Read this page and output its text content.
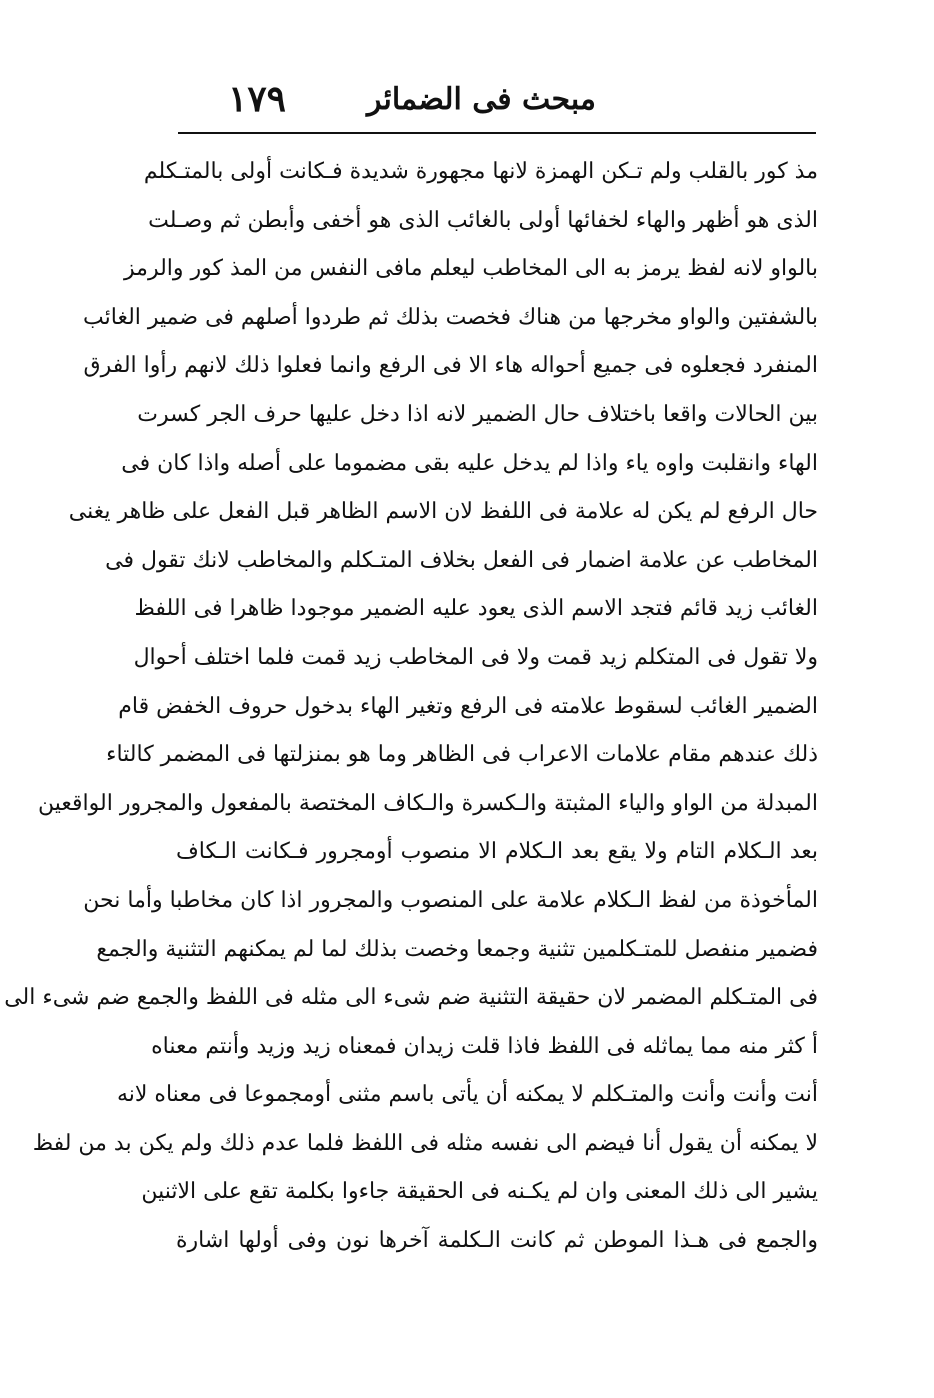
مبحث فى الضمائر
١٧٩
مذ كور بالقلب ولم تـكن الهمزة لانها مجهورة شديدة فـكانت أولى بالمتـكلم
الذى هو أظهر والهاء لخفائها أولى بالغائب الذى هو أخفى وأبطن ثم وصـلت
بالواو لانه لفظ يرمز به الى المخاطب ليعلم مافى النفس من المذ كور والرمز
بالشفتين والواو مخرجها من هناك فخصت بذلك ثم طردوا أصلهم فى ضمير الغائب
المنفرد فجعلوه فى جميع أحواله هاء الا فى الرفع وانما فعلوا ذلك لانهم رأوا الفرق
بين الحالات واقعا باختلاف حال الضمير لانه اذا دخل عليها حرف الجر كسرت
الهاء وانقلبت واوه ياء واذا لم يدخل عليه بقى مضموما على أصله واذا كان فى
حال الرفع لم يكن له علامة فى اللفظ لان الاسم الظاهر قبل الفعل على ظاهر يغنى
المخاطب عن علامة اضمار فى الفعل بخلاف المتـكلم والمخاطب لانك تقول فى
الغائب زيد قائم فتجد الاسم الذى يعود عليه الضمير موجودا ظاهرا فى اللفظ
ولا تقول فى المتكلم زيد قمت ولا فى المخاطب زيد قمت فلما اختلف أحوال
الضمير الغائب لسقوط علامته فى الرفع وتغير الهاء بدخول حروف الخفض قام
ذلك عندهم مقام علامات الاعراب فى الظاهر وما هو بمنزلتها فى المضمر كالتاء
المبدلة من الواو والياء المثبتة والـكسرة والـكاف المختصة بالمفعول والمجرور الواقعين
بعد الـكلام التام ولا يقع بعد الـكلام الا منصوب أومجرور فـكانت الـكاف
المأخوذة من لفظ الـكلام علامة على المنصوب والمجرور اذا كان مخاطبا وأما نحن
فضمير منفصل للمتـكلمين تثنية وجمعا وخصت بذلك لما لم يمكنهم التثنية والجمع
فى المتـكلم المضمر لان حقيقة التثنية ضم شىء الى مثله فى اللفظ والجمع ضم شىء الى
أ كثر منه مما يماثله فى اللفظ فاذا قلت زيدان فمعناه زيد وزيد وأنتم معناه
أنت وأنت وأنت والمتـكلم لا يمكنه أن يأتى باسم مثنى أومجموعا فى معناه لانه
لا يمكنه أن يقول أنا فيضم الى نفسه مثله فى اللفظ فلما عدم ذلك ولم يكن بد من لفظ
يشير الى ذلك المعنى وان لم يكـنه فى الحقيقة جاءوا بكلمة تقع على الاثنين
والجمع فى هـذا الموطن ثم كانت الـكلمة آخرها نون وفى أولها اشارة
